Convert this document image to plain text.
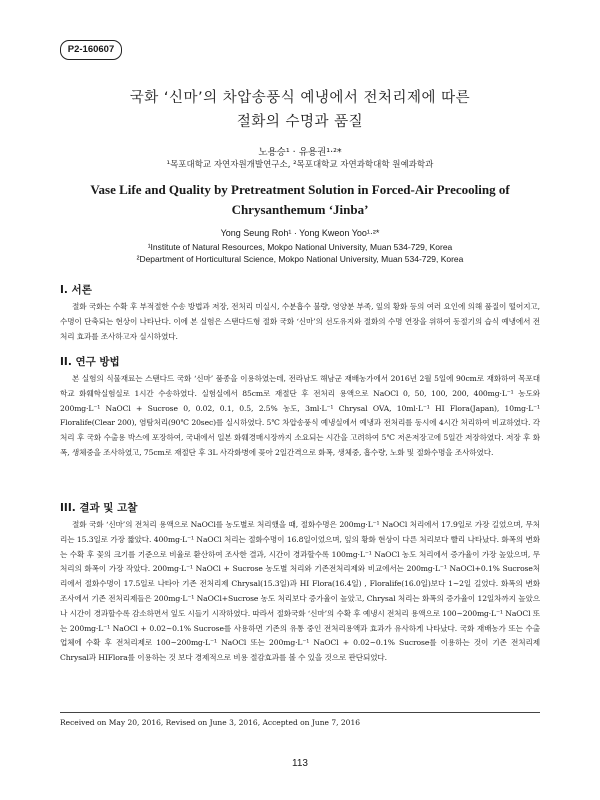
P2-160607
국화 ‘신마’의 차압송풍식 예냉에서 전처리제에 따른
절화의 수명과 품질
노용승¹ · 유용권¹·²*
¹목포대학교 자연자원개발연구소, ²목포대학교 자연과학대학 원예과학과
Vase Life and Quality by Pretreatment Solution in Forced-Air Precooling of
Chrysanthemum ‘Jinba’
Yong Seung Roh¹ · Yong Kweon Yoo¹·²*
¹Institute of Natural Resources, Mokpo National University, Muan 534-729, Korea
²Department of Horticultural Science, Mokpo National University, Muan 534-729, Korea
I. 서론
절화 국화는 수확 후 부적절한 수송 방법과 저장, 전처리 미실시, 수분흡수 불량, 영양분 부족, 잎의 황화 등의 여러 요인에 의해 품질이 떨어지고, 수명이 단축되는 현상이 나타난다. 이에 본 실험은 스탠다드형 절화 국화 ‘신마’의 선도유지와 절화의 수명 연장을 위하여 동절기의 습식 예냉에서 전처리 효과를 조사하고자 실시하였다.
II. 연구 방법
본 실험의 식물재료는 스탠다드 국화 ‘신마’ 품종을 이용하였는데, 전라남도 해남군 재배농가에서 2016년 2월 5일에 90cm로 재화하여 목포대학교 화훼학실험실로 1시간 수송하였다. 실험실에서 85cm로 재절단 후 전처리 용액으로 NaOCl 0, 50, 100, 200, 400mg·L⁻¹ 농도와 200mg·L⁻¹ NaOCl + Sucrose 0, 0.02, 0.1, 0.5, 2.5% 농도, 3ml·L⁻¹ Chrysal OVA, 10ml·L⁻¹ HI Flora(Japan), 10mg·L⁻¹ Floralife(Clear 200), 염탐처리(90℃ 20sec)를 실시하였다. 5℃ 차압송풍식 예냉실에서 예냉과 전처리를 동시에 4시간 처리하여 비교하였다. 각 처리 후 국화 수출용 박스에 포장하여, 국내에서 일본 화훼경매시장까지 소요되는 시간을 고려하여 5℃ 저온저장고에 5일간 저장하였다. 저장 후 화폭, 생체중을 조사하였고, 75cm로 재절단 후 3L 사각화병에 꽂아 2일간격으로 화폭, 생체중, 흡수량, 노화 및 절화수명을 조사하였다.
III. 결과 및 고찰
절화 국화 ‘신마’의 전처리 용액으로 NaOCl를 농도별로 처리했을 때, 절화수명은 200mg·L⁻¹ NaOCl 처리에서 17.9일로 가장 길었으며, 무처리는 15.3일로 가장 짧았다. 400mg·L⁻¹ NaOCl 처리는 절화수명이 16.8일이었으며, 잎의 황화 현상이 다른 처리보다 빨리 나타났다. 화폭의 변화는 수확 후 꽃의 크기를 기준으로 비율로 환산하여 조사한 결과, 시간이 경과할수록 100mg·L⁻¹ NaOCl 농도 처리에서 증가율이 가장 높았으며, 무처리의 화폭이 가장 작았다. 200mg·L⁻¹ NaOCl + Sucrose 농도별 처리와 기존전처리제와 비교에서는 200mg·L⁻¹ NaOCl+0.1% Sucrose처리에서 절화수명이 17.5일로 나타아 기존 전처리제 Chrysal(15.3일)과 HI Flora(16.4일) , Floralife(16.0일)보다 1~2일 길었다. 화폭의 변화 조사에서 기존 전처리제들은 200mg·L⁻¹ NaOCl+Sucrose 농도 처리보다 증가율이 높았고, Chrysal 처리는 화폭의 증가율이 12일차까지 높았으나 시간이 경과할수록 감소하면서 잎도 시들기 시작하였다. 따라서 절화국화 ‘신마’의 수확 후 예냉시 전처리 용액으로 100~200mg·L⁻¹ NaOCl 또는 200mg·L⁻¹ NaOCl + 0.02~0.1% Sucrose를 사용하면 기존의 유통 중인 전처리용액과 효과가 유사하게 나타났다. 국화 재배농가 또는 수출업체에 수확 후 전처리제로 100~200mg·L⁻¹ NaOCl 또는 200mg·L⁻¹ NaOCl + 0.02~0.1% Sucrose를 이용하는 것이 기존 전처리제 Chrysal과 HIFlora를 이용하는 것 보다 경제적으로 비용 절감효과를 볼 수 있을 것으로 판단되었다.
Received on May 20, 2016, Revised on June 3, 2016, Accepted on June 7, 2016
113
